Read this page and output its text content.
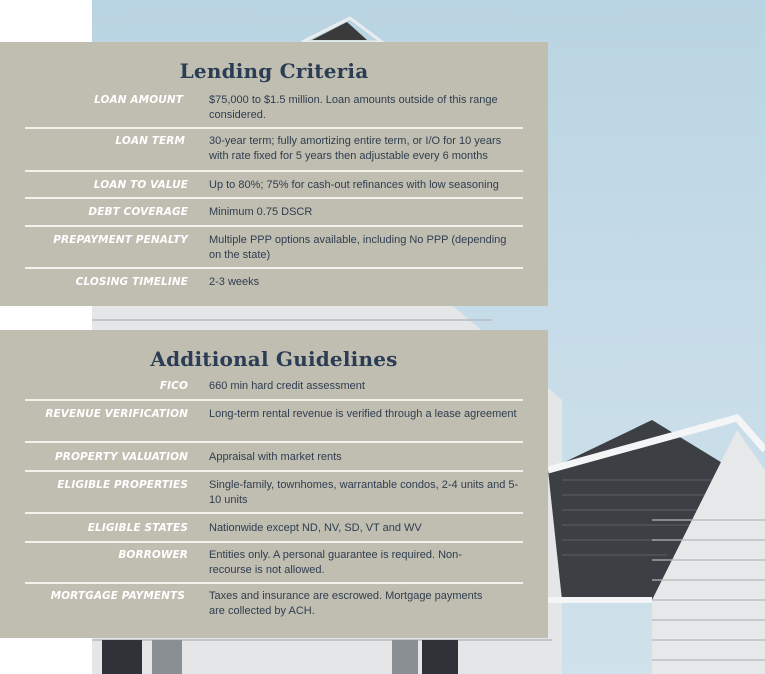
Lending Criteria
LOAN AMOUNT $75,000 to $1.5 million. Loan amounts outside of this range considered.
LOAN TERM 30-year term; fully amortizing entire term, or I/O for 10 years with rate fixed for 5 years then adjustable every 6 months
LOAN TO VALUE Up to 80%; 75% for cash-out refinances with low seasoning
DEBT COVERAGE Minimum 0.75 DSCR
PREPAYMENT PENALTY Multiple PPP options available, including No PPP (depending on the state)
CLOSING TIMELINE 2-3 weeks
Additional Guidelines
FICO 660 min hard credit assessment
REVENUE VERIFICATION Long-term rental revenue is verified through a lease agreement
PROPERTY VALUATION Appraisal with market rents
ELIGIBLE PROPERTIES Single-family, townhomes, warrantable condos, 2-4 units and 5-10 units
ELIGIBLE STATES Nationwide except ND, NV, SD, VT and WV
BORROWER Entities only. A personal guarantee is required. Non-recourse is not allowed.
MORTGAGE PAYMENTS Taxes and insurance are escrowed. Mortgage payments are collected by ACH.
